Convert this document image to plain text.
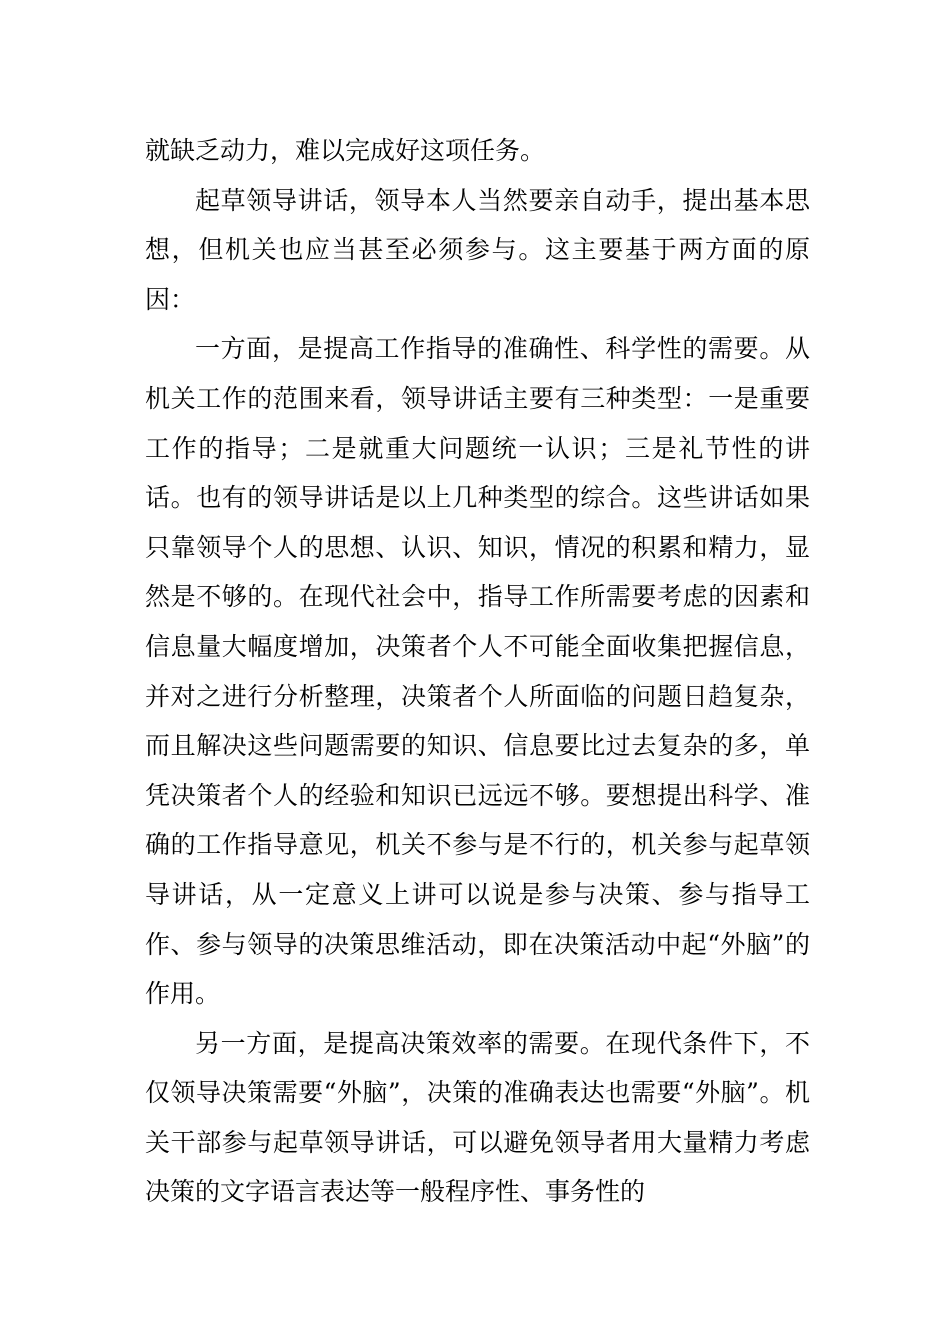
就缺乏动力，难以完成好这项任务。

起草领导讲话，领导本人当然要亲自动手，提出基本思想，但机关也应当甚至必须参与。这主要基于两方面的原因：

一方面，是提高工作指导的准确性、科学性的需要。从机关工作的范围来看，领导讲话主要有三种类型：一是重要工作的指导；二是就重大问题统一认识；三是礼节性的讲话。也有的领导讲话是以上几种类型的综合。这些讲话如果只靠领导个人的思想、认识、知识，情况的积累和精力，显然是不够的。在现代社会中，指导工作所需要考虑的因素和信息量大幅度增加，决策者个人不可能全面收集把握信息，并对之进行分析整理，决策者个人所面临的问题日趋复杂，而且解决这些问题需要的知识、信息要比过去复杂的多，单凭决策者个人的经验和知识已远远不够。要想提出科学、准确的工作指导意见，机关不参与是不行的，机关参与起草领导讲话，从一定意义上讲可以说是参与决策、参与指导工作、参与领导的决策思维活动，即在决策活动中起“外脑”的作用。

另一方面，是提高决策效率的需要。在现代条件下，不仅领导决策需要“外脑”，决策的准确表达也需要“外脑”。机关干部参与起草领导讲话，可以避免领导者用大量精力考虑决策的文字语言表达等一般程序性、事务性的
